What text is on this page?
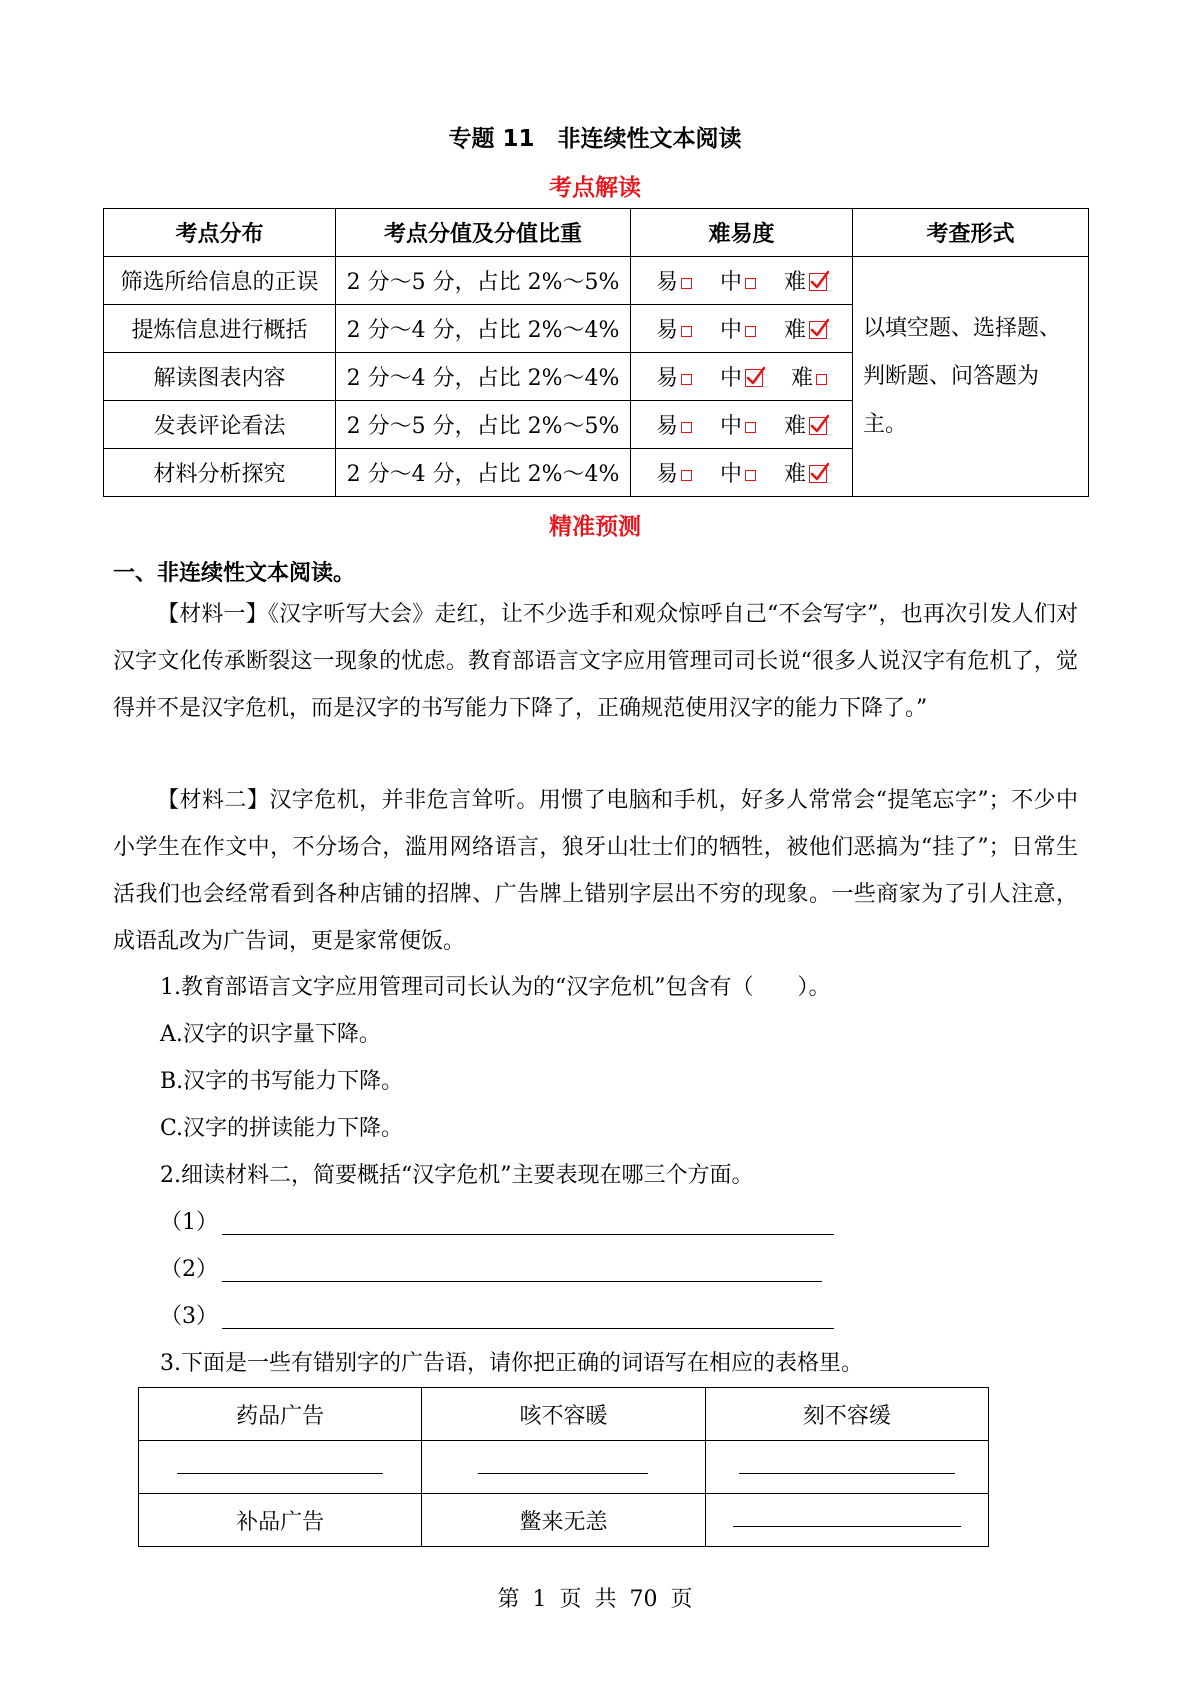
专题 11　非连续性文本阅读
考点解读
考点分布	考点分值及分值比重	难易度	考查形式
筛选所给信息的正误	2 分～5 分，占比 2%～5%	易 中 难	以填空题、选择题、判断题、问答题为主。
提炼信息进行概括	2 分～4 分，占比 2%～4%	易 中 难	

解读图表内容	2 分～4 分，占比 2%～4%	易 中 难	
发表评论看法	2 分～5 分，占比 2%～5%	易 中 难	

材料分析探究	2 分～4 分，占比 2%～4%	易 中 难	
精准预测
一、非连续性文本阅读。
【材料一】《汉字听写大会》走红，让不少选手和观众惊呼自己“不会写字”，也再次引发人们对汉字文化传承断裂这一现象的忧虑。教育部语言文字应用管理司司长说“很多人说汉字有危机了，觉得并不是汉字危机，而是汉字的书写能力下降了，正确规范使用汉字的能力下降了。”
【材料二】汉字危机，并非危言耸听。用惯了电脑和手机，好多人常常会“提笔忘字”；不少中小学生在作文中，不分场合，滥用网络语言，狼牙山壮士们的牺牲，被他们恶搞为“挂了”；日常生活我们也会经常看到各种店铺的招牌、广告牌上错别字层出不穷的现象。一些商家为了引人注意，成语乱改为广告词，更是家常便饭。
1.教育部语言文字应用管理司司长认为的“汉字危机”包含有（　　）。
A.汉字的识字量下降。
B.汉字的书写能力下降。
C.汉字的拼读能力下降。
2.细读材料二，简要概括“汉字危机”主要表现在哪三个方面。
（1）
（2）
（3）
3.下面是一些有错别字的广告语，请你把正确的词语写在相应的表格里。
药品广告	咳不容暖	刻不容缓

补品广告	鳖来无恙	
第 1 页 共 70 页
